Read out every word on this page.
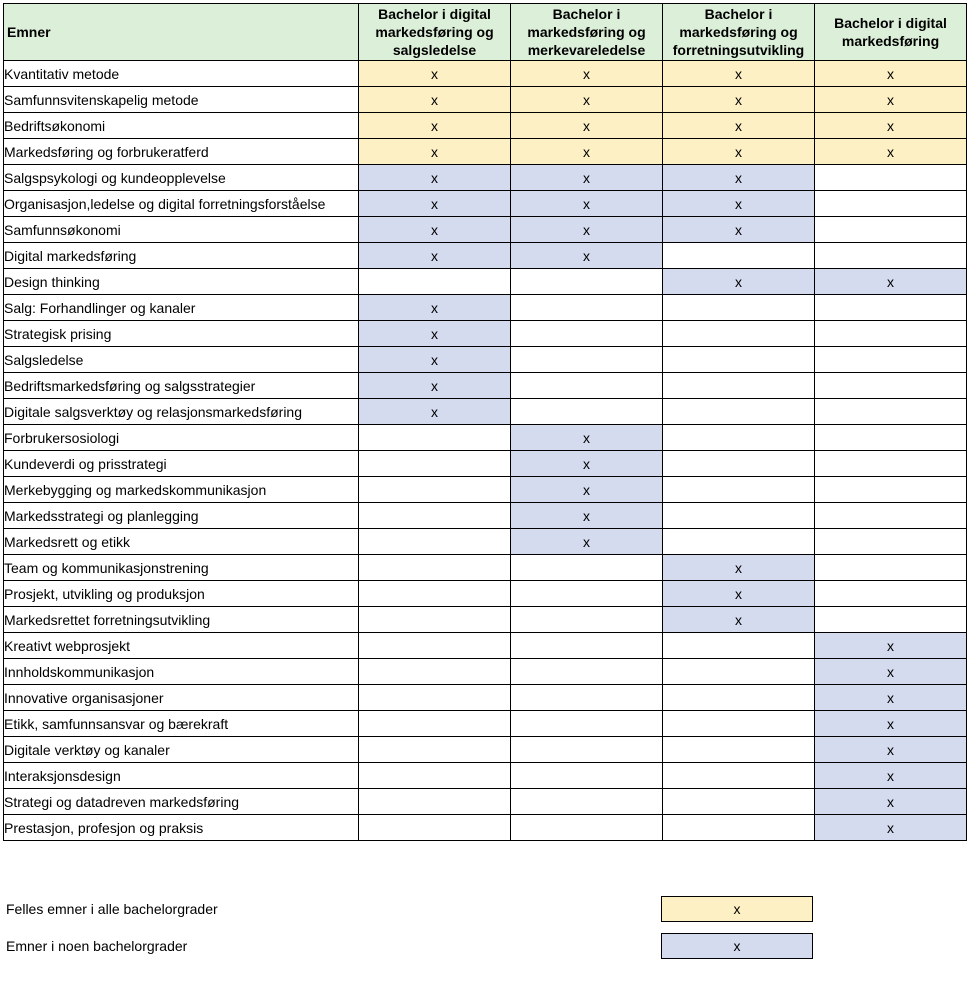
Emner	Bachelor i digital markedsføring og salgsledelse	Bachelor i markedsføring og merkevareledelse	Bachelor i markedsføring og forretningsutvikling	Bachelor i digital markedsføring
Kvantitativ metode	x	x	x	x
Samfunnsvitenskapelig metode	x	x	x	x
Bedriftsøkonomi	x	x	x	x
Markedsføring og forbrukeratferd	x	x	x	x
Salgspsykologi og kundeopplevelse	x	x	x	
Organisasjon,ledelse og digital forretningsforståelse	x	x	x	
Samfunnsøkonomi	x	x	x	
Digital markedsføring	x	x		
Design thinking			x	x
Salg: Forhandlinger og kanaler	x			
Strategisk prising	x			
Salgsledelse	x			
Bedriftsmarkedsføring og salgsstrategier	x			
Digitale salgsverktøy og relasjonsmarkedsføring	x			
Forbrukersosiologi		x		
Kundeverdi og prisstrategi		x		
Merkebygging og markedskommunikasjon		x		
Markedsstrategi og planlegging		x		
Markedsrett og etikk		x		
Team og kommunikasjonstrening			x	
Prosjekt, utvikling og produksjon			x	
Markedsrettet forretningsutvikling			x	
Kreativt webprosjekt				x
Innholdskommunikasjon				x
Innovative organisasjoner				x
Etikk, samfunnsansvar og bærekraft				x
Digitale verktøy og kanaler				x
Interaksjonsdesign				x
Strategi og datadreven markedsføring				x
Prestasjon, profesjon og praksis				x
Felles emner i alle bachelorgrader	x
Emner i noen bachelorgrader	x
